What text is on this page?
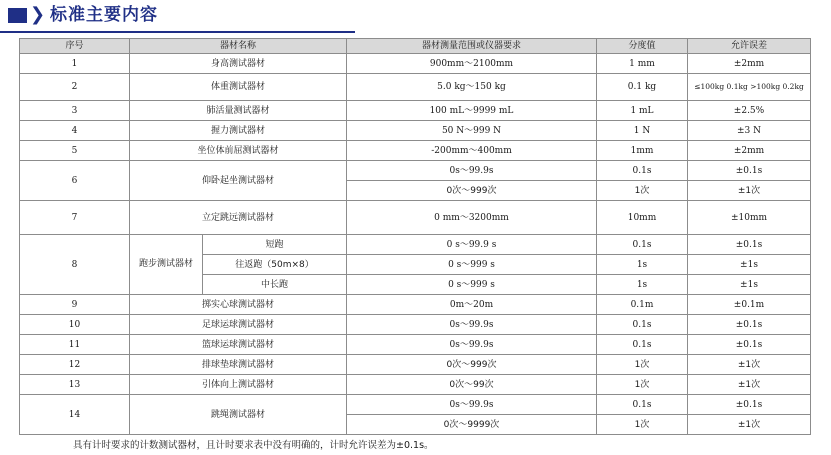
❯ 标准主要内容
序号	器材名称		器材测量范围或仪器要求	分度值	允许误差
1	身高测试器材		900mm～2100mm	1 mm	±2mm
2	体重测试器材		5.0 kg～150 kg	0.1 kg	≤100kg 0.1kg >100kg 0.2kg
3	肺活量测试器材		100 mL～9999 mL	1 mL	±2.5%
4	握力测试器材		50 N～999 N	1 N	±3 N
5	坐位体前屈测试器材		-200mm～400mm	1mm	±2mm
6	仰卧起坐测试器材		0s～99.9s	0.1s	±0.1s
			0次～999次	1次	±1次
7	立定跳远测试器材		0 mm～3200mm	10mm	±10mm
8	跑步测试器材	短跑	0 s～99.9 s	0.1s	±0.1s
		往返跑（50m×8）	0 s～999 s	1s	±1s
		中长跑	0 s～999 s	1s	±1s
9	掷实心球测试器材		0m～20m	0.1m	±0.1m
10	足球运球测试器材		0s～99.9s	0.1s	±0.1s
11	篮球运球测试器材		0s～99.9s	0.1s	±0.1s
12	排球垫球测试器材		0次～999次	1次	±1次
13	引体向上测试器材		0次～99次	1次	±1次
14	跳绳测试器材		0s～99.9s	0.1s	±0.1s
			0次～9999次	1次	±1次
具有计时要求的计数测试器材，且计时要求表中没有明确的，计时允许误差为±0.1s。
